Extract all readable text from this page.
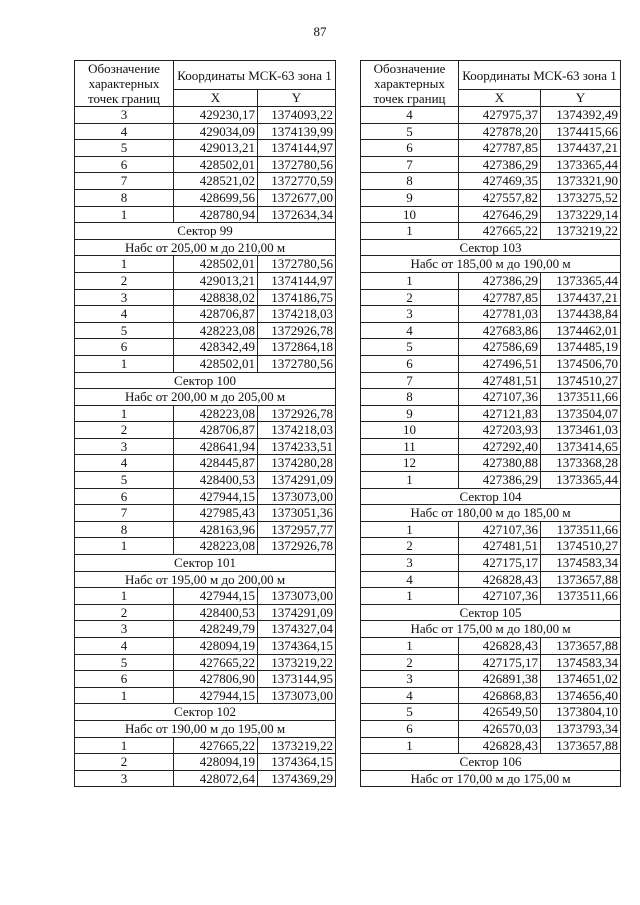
87
Обозначение характерных точек границ	Координаты МСК-63 зона 1	
	X	Y
3	429230,17	1374093,22
4	429034,09	1374139,99
5	429013,21	1374144,97
6	428502,01	1372780,56
7	428521,02	1372770,59
8	428699,56	1372677,00
1	428780,94	1372634,34
Сектор 99		
Набс от 205,00 м до 210,00 м		
1	428502,01	1372780,56
2	429013,21	1374144,97
3	428838,02	1374186,75
4	428706,87	1374218,03
5	428223,08	1372926,78
6	428342,49	1372864,18
1	428502,01	1372780,56
Сектор 100		
Набс от 200,00 м до 205,00 м		
1	428223,08	1372926,78
2	428706,87	1374218,03
3	428641,94	1374233,51
4	428445,87	1374280,28
5	428400,53	1374291,09
6	427944,15	1373073,00
7	427985,43	1373051,36
8	428163,96	1372957,77
1	428223,08	1372926,78
Сектор 101		
Набс от 195,00 м до 200,00 м		
1	427944,15	1373073,00
2	428400,53	1374291,09
3	428249,79	1374327,04
4	428094,19	1374364,15
5	427665,22	1373219,22
6	427806,90	1373144,95
1	427944,15	1373073,00
Сектор 102		
Набс от 190,00 м до 195,00 м		
1	427665,22	1373219,22
2	428094,19	1374364,15
3	428072,64	1374369,29
Обозначение характерных точек границ	Координаты МСК-63 зона 1	
	X	Y
4	427975,37	1374392,49
5	427878,20	1374415,66
6	427787,85	1374437,21
7	427386,29	1373365,44
8	427469,35	1373321,90
9	427557,82	1373275,52
10	427646,29	1373229,14
1	427665,22	1373219,22
Сектор 103		
Набс от 185,00 м до 190,00 м		
1	427386,29	1373365,44
2	427787,85	1374437,21
3	427781,03	1374438,84
4	427683,86	1374462,01
5	427586,69	1374485,19
6	427496,51	1374506,70
7	427481,51	1374510,27
8	427107,36	1373511,66
9	427121,83	1373504,07
10	427203,93	1373461,03
11	427292,40	1373414,65
12	427380,88	1373368,28
1	427386,29	1373365,44
Сектор 104		
Набс от 180,00 м до 185,00 м		
1	427107,36	1373511,66
2	427481,51	1374510,27
3	427175,17	1374583,34
4	426828,43	1373657,88
1	427107,36	1373511,66
Сектор 105		
Набс от 175,00 м до 180,00 м		
1	426828,43	1373657,88
2	427175,17	1374583,34
3	426891,38	1374651,02
4	426868,83	1374656,40
5	426549,50	1373804,10
6	426570,03	1373793,34
1	426828,43	1373657,88
Сектор 106		
Набс от 170,00 м до 175,00 м		
